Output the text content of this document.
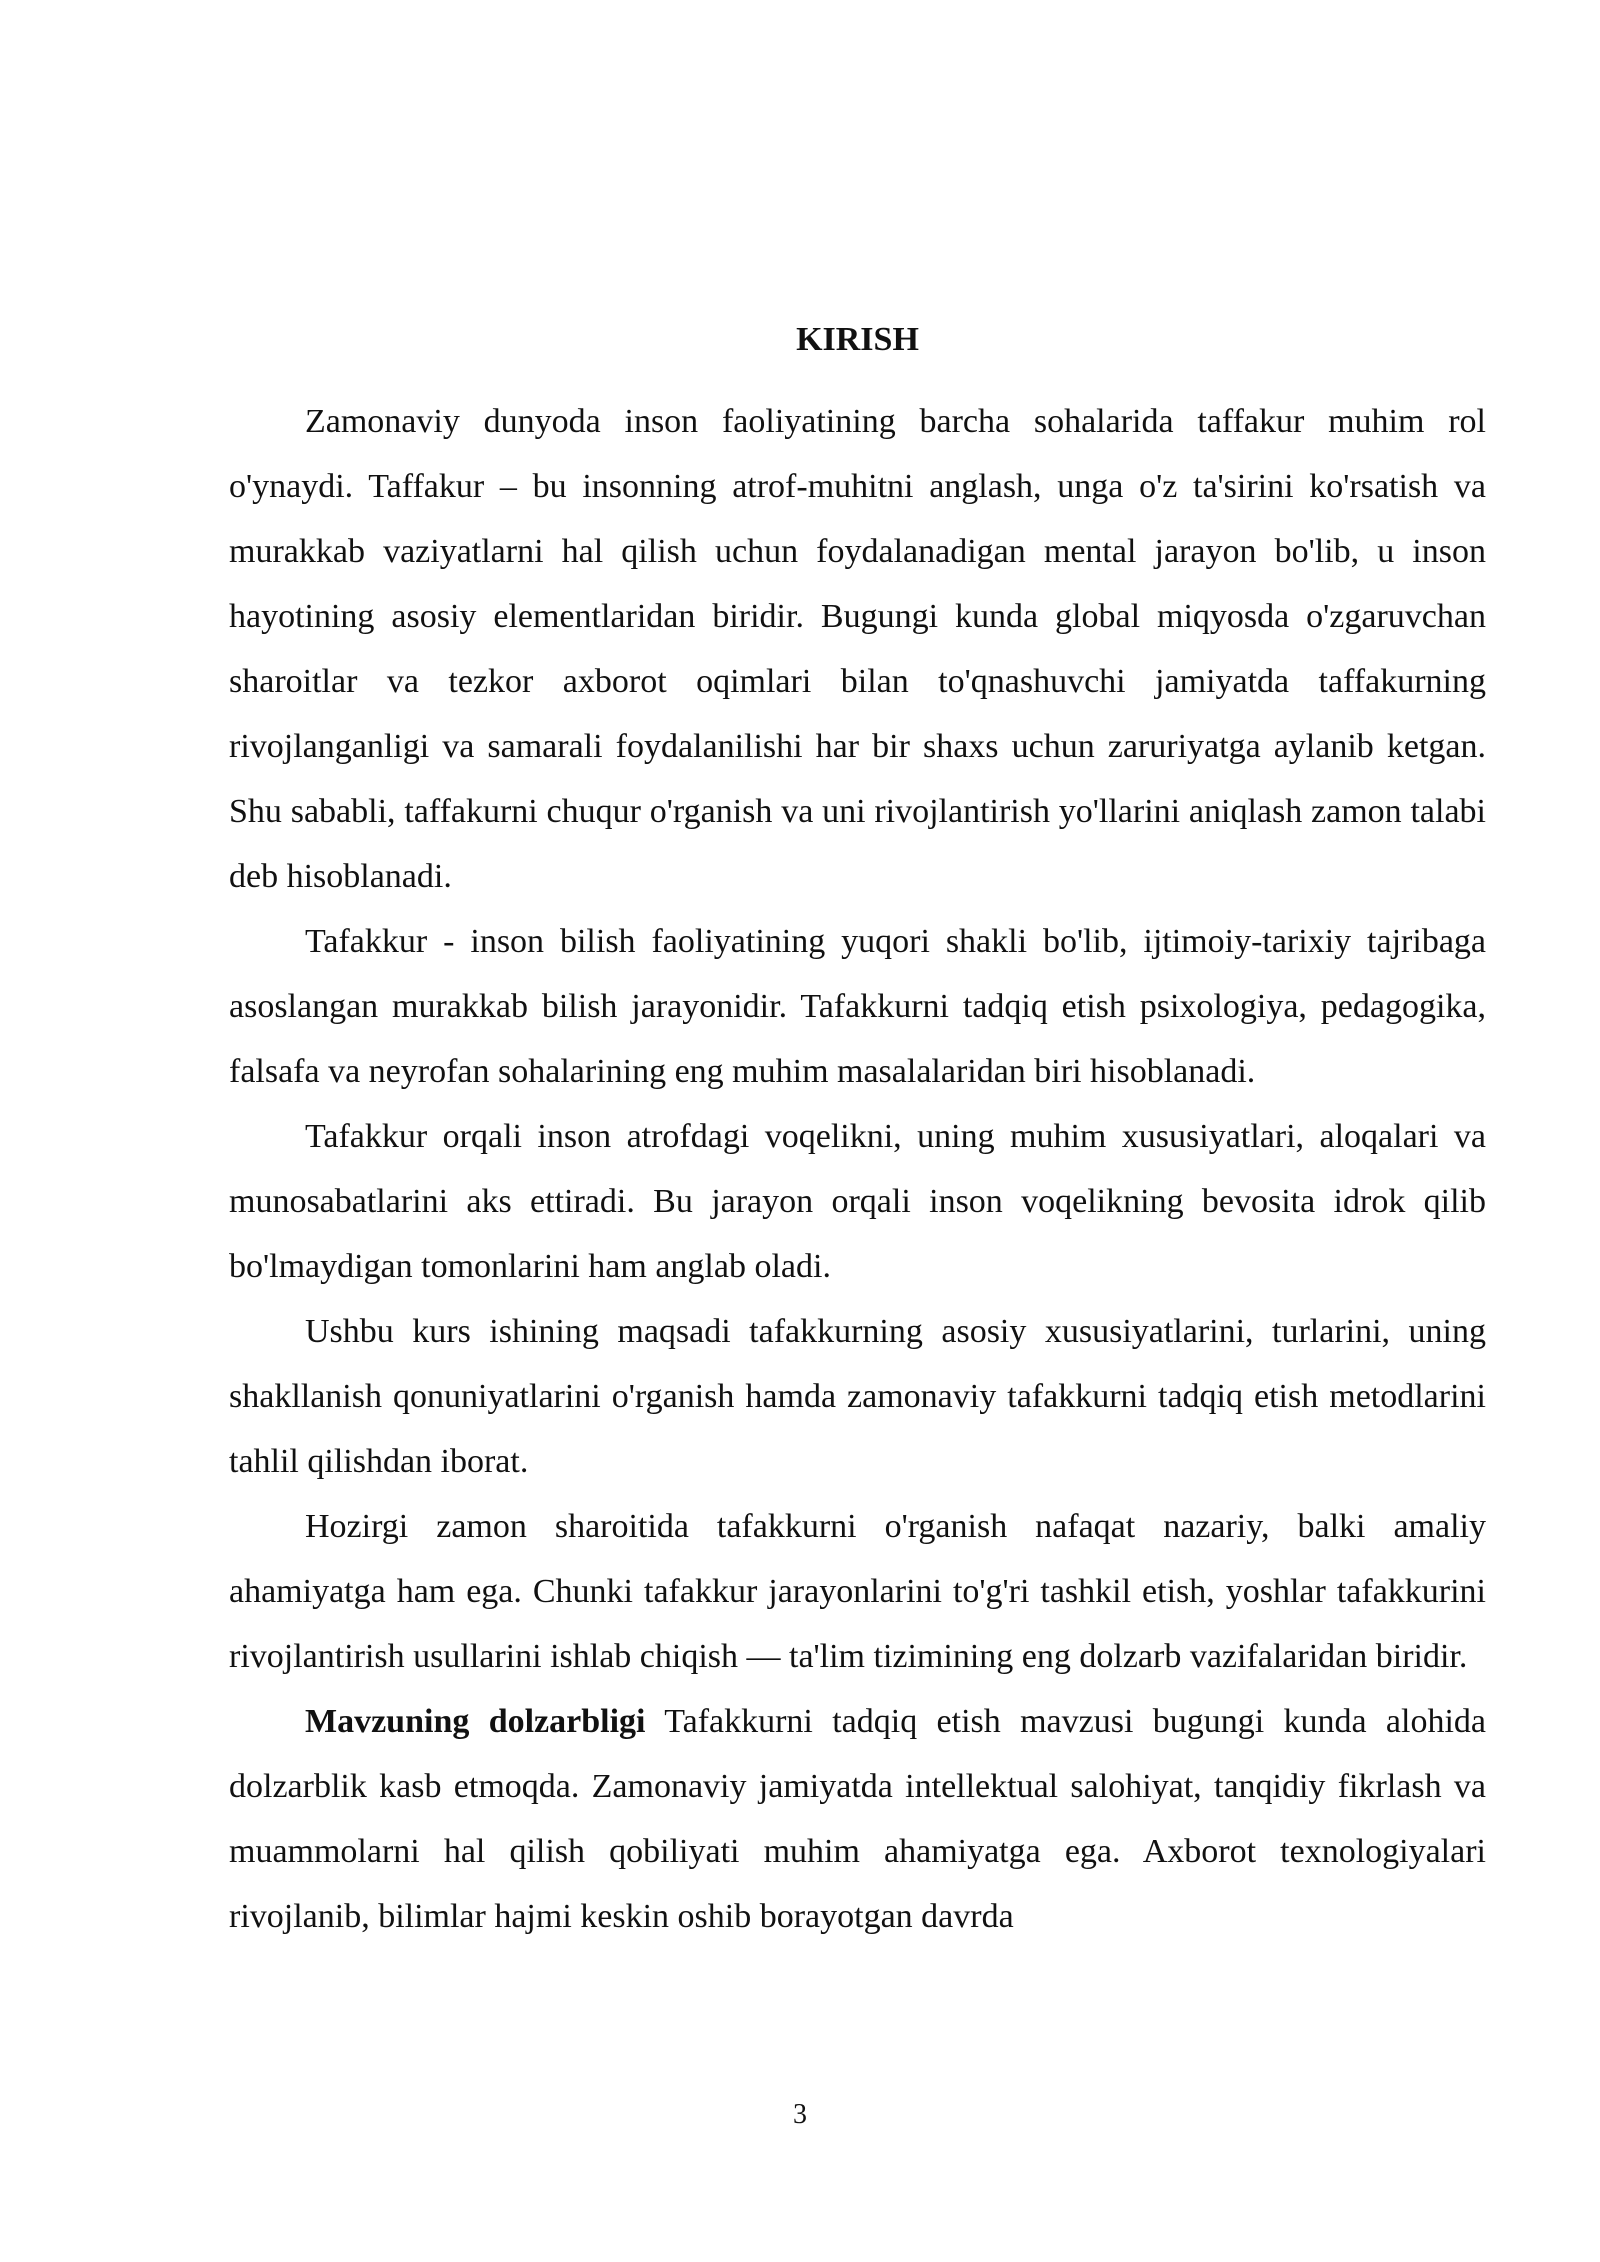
KIRISH

Zamonaviy dunyoda inson faoliyatining barcha sohalarida taffakur muhim rol o'ynaydi. Taffakur – bu insonning atrof-muhitni anglash, unga o'z ta'sirini ko'rsatish va murakkab vaziyatlarni hal qilish uchun foydalanadigan mental jarayon bo'lib, u inson hayotining asosiy elementlaridan biridir. Bugungi kunda global miqyosda o'zgaruvchan sharoitlar va tezkor axborot oqimlari bilan to'qnashuvchi jamiyatda taffakurning rivojlanganligi va samarali foydalanilishi har bir shaxs uchun zaruriyatga aylanib ketgan. Shu sababli, taffakurni chuqur o'rganish va uni rivojlantirish yo'llarini aniqlash zamon talabi deb hisoblanadi.

Tafakkur - inson bilish faoliyatining yuqori shakli bo'lib, ijtimoiy-tarixiy tajribaga asoslangan murakkab bilish jarayonidir. Tafakkurni tadqiq etish psixologiya, pedagogika, falsafa va neyrofan sohalarining eng muhim masalalaridan biri hisoblanadi.

Tafakkur orqali inson atrofdagi voqelikni, uning muhim xususiyatlari, aloqalari va munosabatlarini aks ettiradi. Bu jarayon orqali inson voqelikning bevosita idrok qilib bo'lmaydigan tomonlarini ham anglab oladi.

Ushbu kurs ishining maqsadi tafakkurning asosiy xususiyatlarini, turlarini, uning shakllanish qonuniyatlarini o'rganish hamda zamonaviy tafakkurni tadqiq etish metodlarini tahlil qilishdan iborat.

Hozirgi zamon sharoitida tafakkurni o'rganish nafaqat nazariy, balki amaliy ahamiyatga ham ega. Chunki tafakkur jarayonlarini to'g'ri tashkil etish, yoshlar tafakkurini rivojlantirish usullarini ishlab chiqish — ta'lim tizimining eng dolzarb vazifalaridan biridir.

Mavzuning dolzarbligi Tafakkurni tadqiq etish mavzusi bugungi kunda alohida dolzarblik kasb etmoqda. Zamonaviy jamiyatda intellektual salohiyat, tanqidiy fikrlash va muammolarni hal qilish qobiliyati muhim ahamiyatga ega. Axborot texnologiyalari rivojlanib, bilimlar hajmi keskin oshib borayotgan davrda

3
